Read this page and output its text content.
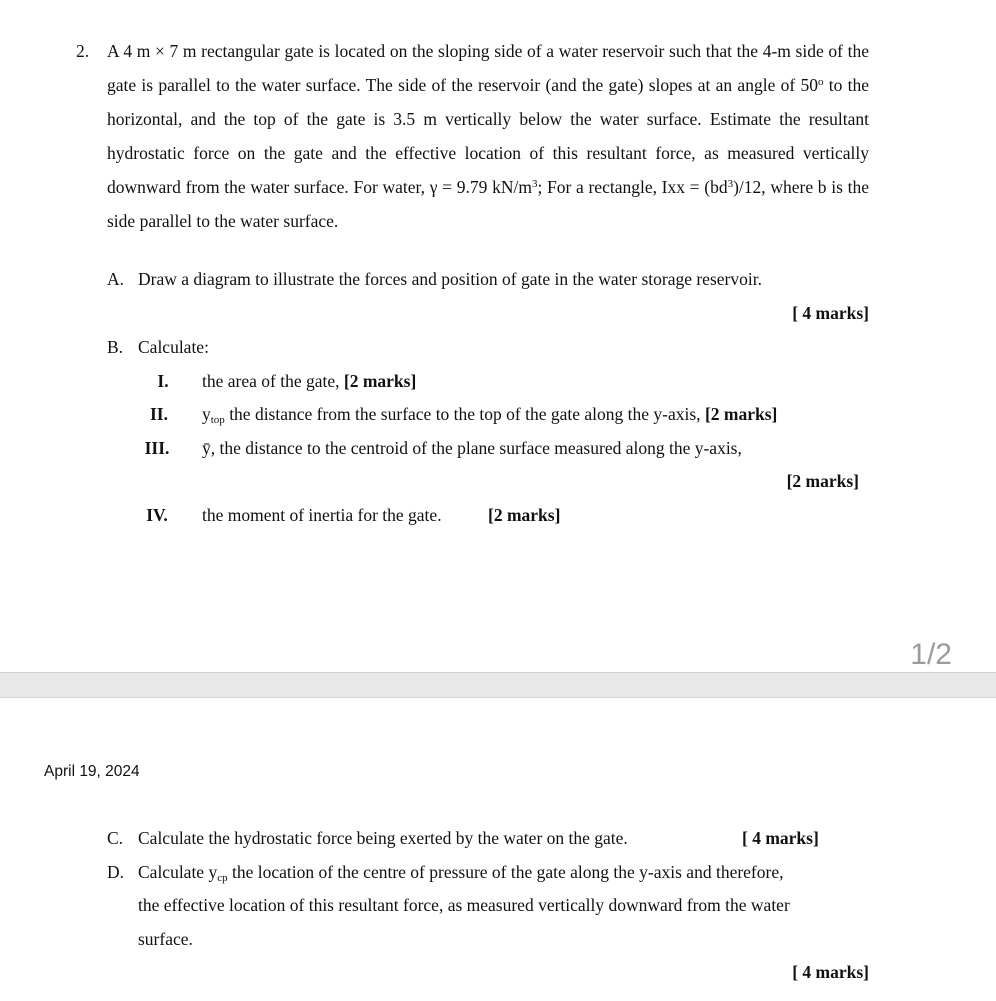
2. A 4 m × 7 m rectangular gate is located on the sloping side of a water reservoir such that the 4-m side of the gate is parallel to the water surface. The side of the reservoir (and the gate) slopes at an angle of 50$^o$ to the horizontal, and the top of the gate is 3.5 m vertically below the water surface. Estimate the resultant hydrostatic force on the gate and the effective location of this resultant force, as measured vertically downward from the water surface. For water, γ = 9.79 $kN/m^3$; For a rectangle, Ixx = $(bd^3)/12$, where b is the side parallel to the water surface.
A. Draw a diagram to illustrate the forces and position of gate in the water storage reservoir.
[ 4 marks]
B. Calculate:
I.	the area of the gate, [2 marks]
II.	$y_{top}$ the distance from the surface to the top of the gate along the y-axis, [2 marks]
III.	ȳ, the distance to the centroid of the plane surface measured along the y-axis,
[2 marks]
IV.	the moment of inertia for the gate.	[2 marks]
1/2
April 19, 2024
C. Calculate the hydrostatic force being exerted by the water on the gate.	[ 4 marks]
D. Calculate $y_{cp}$ the location of the centre of pressure of the gate along the y-axis and therefore,
the effective location of this resultant force, as measured vertically downward from the water
surface.
[ 4 marks]
